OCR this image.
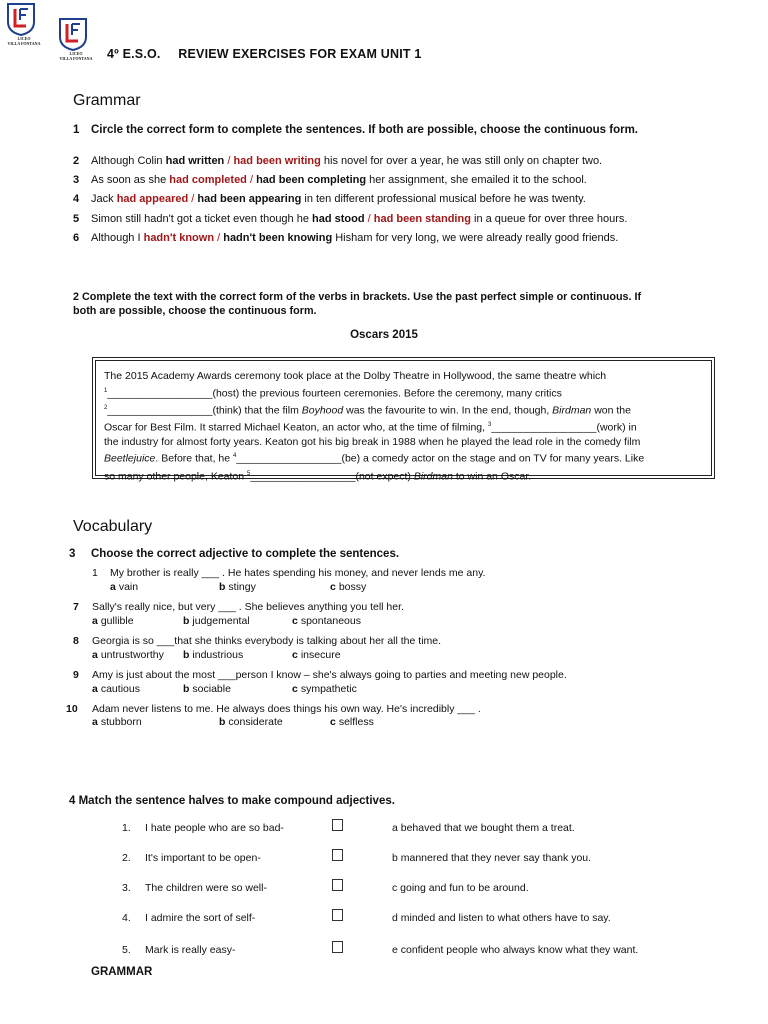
LICEO
VILLA FONTANA
LICEO
VILLA FONTANA 4º E.S.O. REVIEW EXERCISES FOR EXAM UNIT 1
Grammar
1 Circle the correct form to complete the sentences. If both are possible, choose the continuous form.
2 Although Colin had written / had been writing his novel for over a year, he was still only on chapter two.
3 As soon as she had completed / had been completing her assignment, she emailed it to the school.
4 Jack had appeared / had been appearing in ten different professional musical before he was twenty.
5 Simon still hadn't got a ticket even though he had stood / had been standing in a queue for over three hours.
6 Although I hadn't known / hadn't been knowing Hisham for very long, we were already really good friends.
2 Complete the text with the correct form of the verbs in brackets. Use the past perfect simple or continuous. If
both are possible, choose the continuous form.
Oscars 2015
The 2015 Academy Awards ceremony took place at the Dolby Theatre in Hollywood, the same theatre which
$^1$__________________(host) the previous fourteen ceremonies. Before the ceremony, many critics
$^2$__________________(think) that the film Boyhood was the favourite to win. In the end, though, Birdman won the
Oscar for Best Film. It starred Michael Keaton, an actor who, at the time of filming, $^3$__________________(work) in
the industry for almost forty years. Keaton got his big break in 1988 when he played the lead role in the comedy film
Beetlejuice. Before that, he $^4$__________________(be) a comedy actor on the stage and on TV for many years. Like
so many other people, Keaton $^5$__________________(not expect) Birdman to win an Oscar.
Vocabulary
3 Choose the correct adjective to complete the sentences.
1 My brother is really ___ . He hates spending his money, and never lends me any.
a vain	b stingy	c bossy
7 Sally's really nice, but very ___ . She believes anything you tell her.
a gullible	b judgemental	c spontaneous
8 Georgia is so ___that she thinks everybody is talking about her all the time.
a untrustworthy b industrious	c insecure
9 Amy is just about the most ___person I know – she's always going to parties and meeting new people.
a cautious	b sociable	c sympathetic
10 Adam never listens to me. He always does things his own way. He's incredibly ___ .
a stubborn	b considerate	c selfless
4 Match the sentence halves to make compound adjectives.
1. I hate people who are so bad-	a behaved that we bought them a treat.
2. It's important to be open-	b mannered that they never say thank you.
3. The children were so well-	c going and fun to be around.
4. I admire the sort of self-	d minded and listen to what others have to say.
5. Mark is really easy-	e confident people who always know what they want.
GRAMMAR
